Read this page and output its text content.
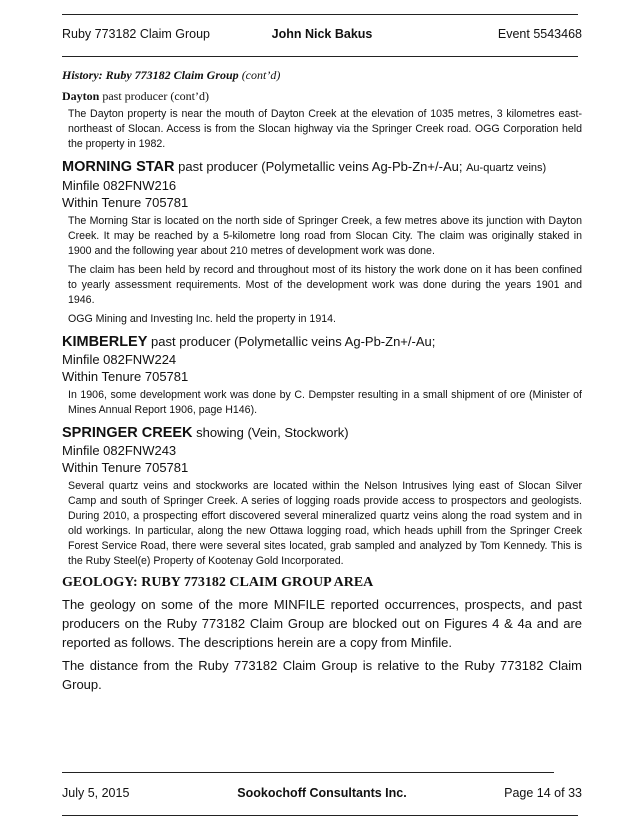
Ruby 773182 Claim Group	John Nick Bakus	Event 5543468
History: Ruby 773182 Claim Group (cont’d)
Dayton past producer (cont’d)

The Dayton property is near the mouth of Dayton Creek at the elevation of 1035 metres, 3 kilometres east-northeast of Slocan. Access is from the Slocan highway via the Springer Creek road. OGG Corporation held the property in 1982.

MORNING STAR past producer (Polymetallic veins Ag-Pb-Zn+/-Au; Au-quartz veins)
Minfile 082FNW216
Within Tenure 705781

The Morning Star is located on the north side of Springer Creek, a few metres above its junction with Dayton Creek. It may be reached by a 5-kilometre long road from Slocan City. The claim was originally staked in 1900 and the following year about 210 metres of development work was done.

The claim has been held by record and throughout most of its history the work done on it has been confined to yearly assessment requirements. Most of the development work was done during the years 1901 and 1946.

OGG Mining and Investing Inc. held the property in 1914.

KIMBERLEY past producer (Polymetallic veins Ag-Pb-Zn+/-Au;
Minfile 082FNW224
Within Tenure 705781

In 1906, some development work was done by C. Dempster resulting in a small shipment of ore (Minister of Mines Annual Report 1906, page H146).

SPRINGER CREEK showing (Vein, Stockwork)
Minfile 082FNW243
Within Tenure 705781

Several quartz veins and stockworks are located within the Nelson Intrusives lying east of Slocan Silver Camp and south of Springer Creek. A series of logging roads provide access to prospectors and geologists. During 2010, a prospecting effort discovered several mineralized quartz veins along the road system and in old workings. In particular, along the new Ottawa logging road, which heads uphill from the Springer Creek Forest Service Road, there were several sites located, grab sampled and analyzed by Tom Kennedy. This is the Ruby Steel(e) Property of Kootenay Gold Incorporated.

GEOLOGY: RUBY 773182 CLAIM GROUP AREA

The geology on some of the more MINFILE reported occurrences, prospects, and past producers on the Ruby 773182 Claim Group are blocked out on Figures 4 & 4a and are reported as follows. The descriptions herein are a copy from Minfile.

The distance from the Ruby 773182 Claim Group is relative to the Ruby 773182 Claim Group.

July 5, 2015	Sookochoff Consultants Inc.	Page 14 of 33
